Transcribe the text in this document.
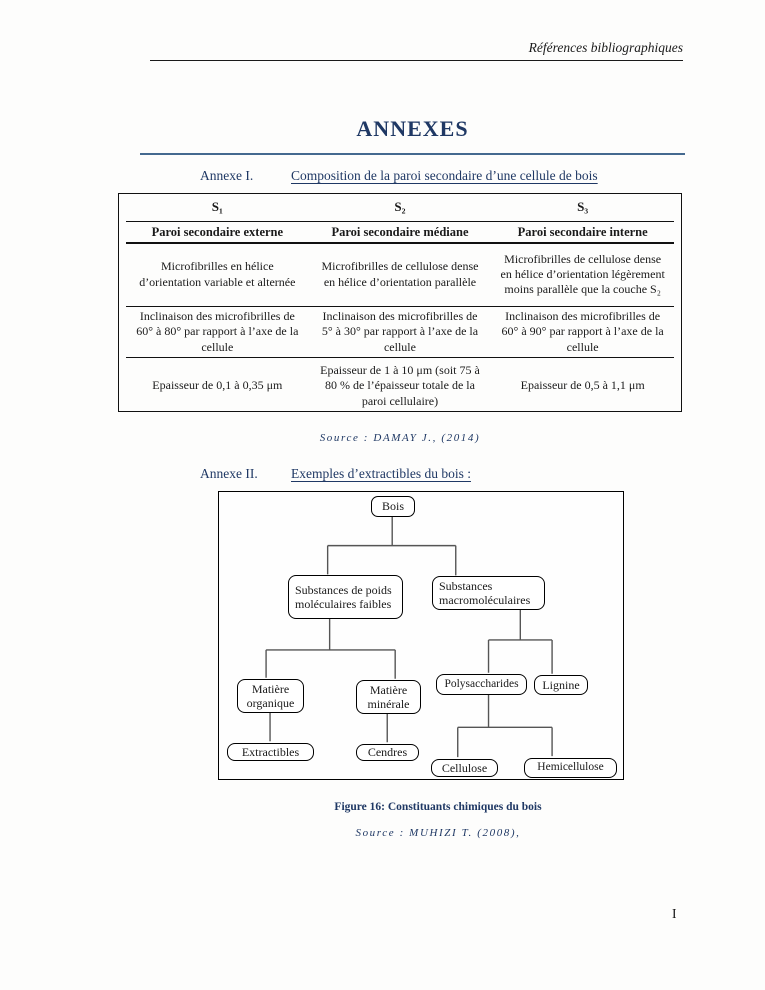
Références bibliographiques
ANNEXES
Annexe I.	Composition de la paroi secondaire d’une cellule de bois
S₁	S₂	S₃
Paroi secondaire externe	Paroi secondaire médiane	Paroi secondaire interne
Microfibrilles en hélice d’orientation variable et alternée	Microfibrilles de cellulose dense en hélice d’orientation parallèle	Microfibrilles de cellulose dense en hélice d’orientation légèrement moins parallèle que la couche S₂
Inclinaison des microfibrilles de 60° à 80° par rapport à l’axe de la cellule	Inclinaison des microfibrilles de 5° à 30° par rapport à l’axe de la cellule	Inclinaison des microfibrilles de 60° à 90° par rapport à l’axe de la cellule
Epaisseur de 0,1 à 0,35 μm	Epaisseur de 1 à 10 μm (soit 75 à 80 % de l’épaisseur totale de la paroi cellulaire)	Epaisseur de 0,5 à 1,1 μm
Source : DAMAY J., (2014)
Annexe II.	Exemples d’extractibles du bois :
Bois
Substances de poids moléculaires faibles
Substances macromoléculaires
Matière organique
Matière minérale
Extractibles	Cendres
Polysaccharides	Lignine
Cellulose	Hemicellulose
Figure 16: Constituants chimiques du bois
Source : MUHIZI T. (2008),
I
